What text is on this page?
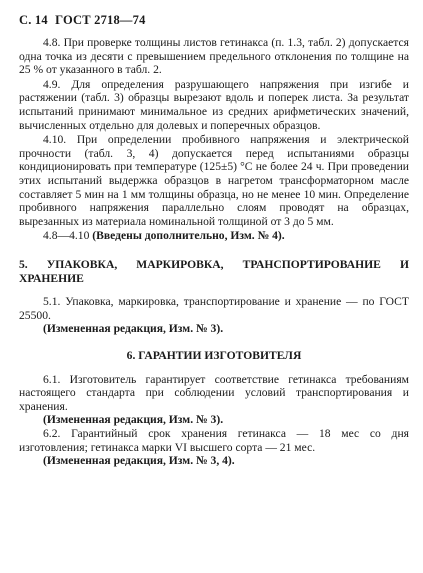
С. 14 ГОСТ 2718—74

4.8. При проверке толщины листов гетинакса (п. 1.3, табл. 2) допускается одна точка из десяти с превышением предельного отклонения по толщине на 25 % от указанного в табл. 2.

4.9. Для определения разрушающего напряжения при изгибе и растяжении (табл. 3) образцы вырезают вдоль и поперек листа. За результат испытаний принимают минимальное из средних арифметических значений, вычисленных отдельно для долевых и поперечных образцов.

4.10. При определении пробивного напряжения и электрической прочности (табл. 3, 4) допускается перед испытаниями образцы кондиционировать при температуре (125±5) °С не более 24 ч. При проведении этих испытаний выдержка образцов в нагретом трансформаторном масле составляет 5 мин на 1 мм толщины образца, но не менее 10 мин. Определение пробивного напряжения параллельно слоям проводят на образцах, вырезанных из материала номинальной толщиной от 3 до 5 мм.

4.8—4.10 (Введены дополнительно, Изм. № 4).

5. УПАКОВКА, МАРКИРОВКА, ТРАНСПОРТИРОВАНИЕ И ХРАНЕНИЕ

5.1. Упаковка, маркировка, транспортирование и хранение — по ГОСТ 25500.

(Измененная редакция, Изм. № 3).

6. ГАРАНТИИ ИЗГОТОВИТЕЛЯ

6.1. Изготовитель гарантирует соответствие гетинакса требованиям настоящего стандарта при соблюдении условий транспортирования и хранения.

(Измененная редакция, Изм. № 3).

6.2. Гарантийный срок хранения гетинакса — 18 мес со дня изготовления; гетинакса марки VI высшего сорта — 21 мес.

(Измененная редакция, Изм. № 3, 4).
